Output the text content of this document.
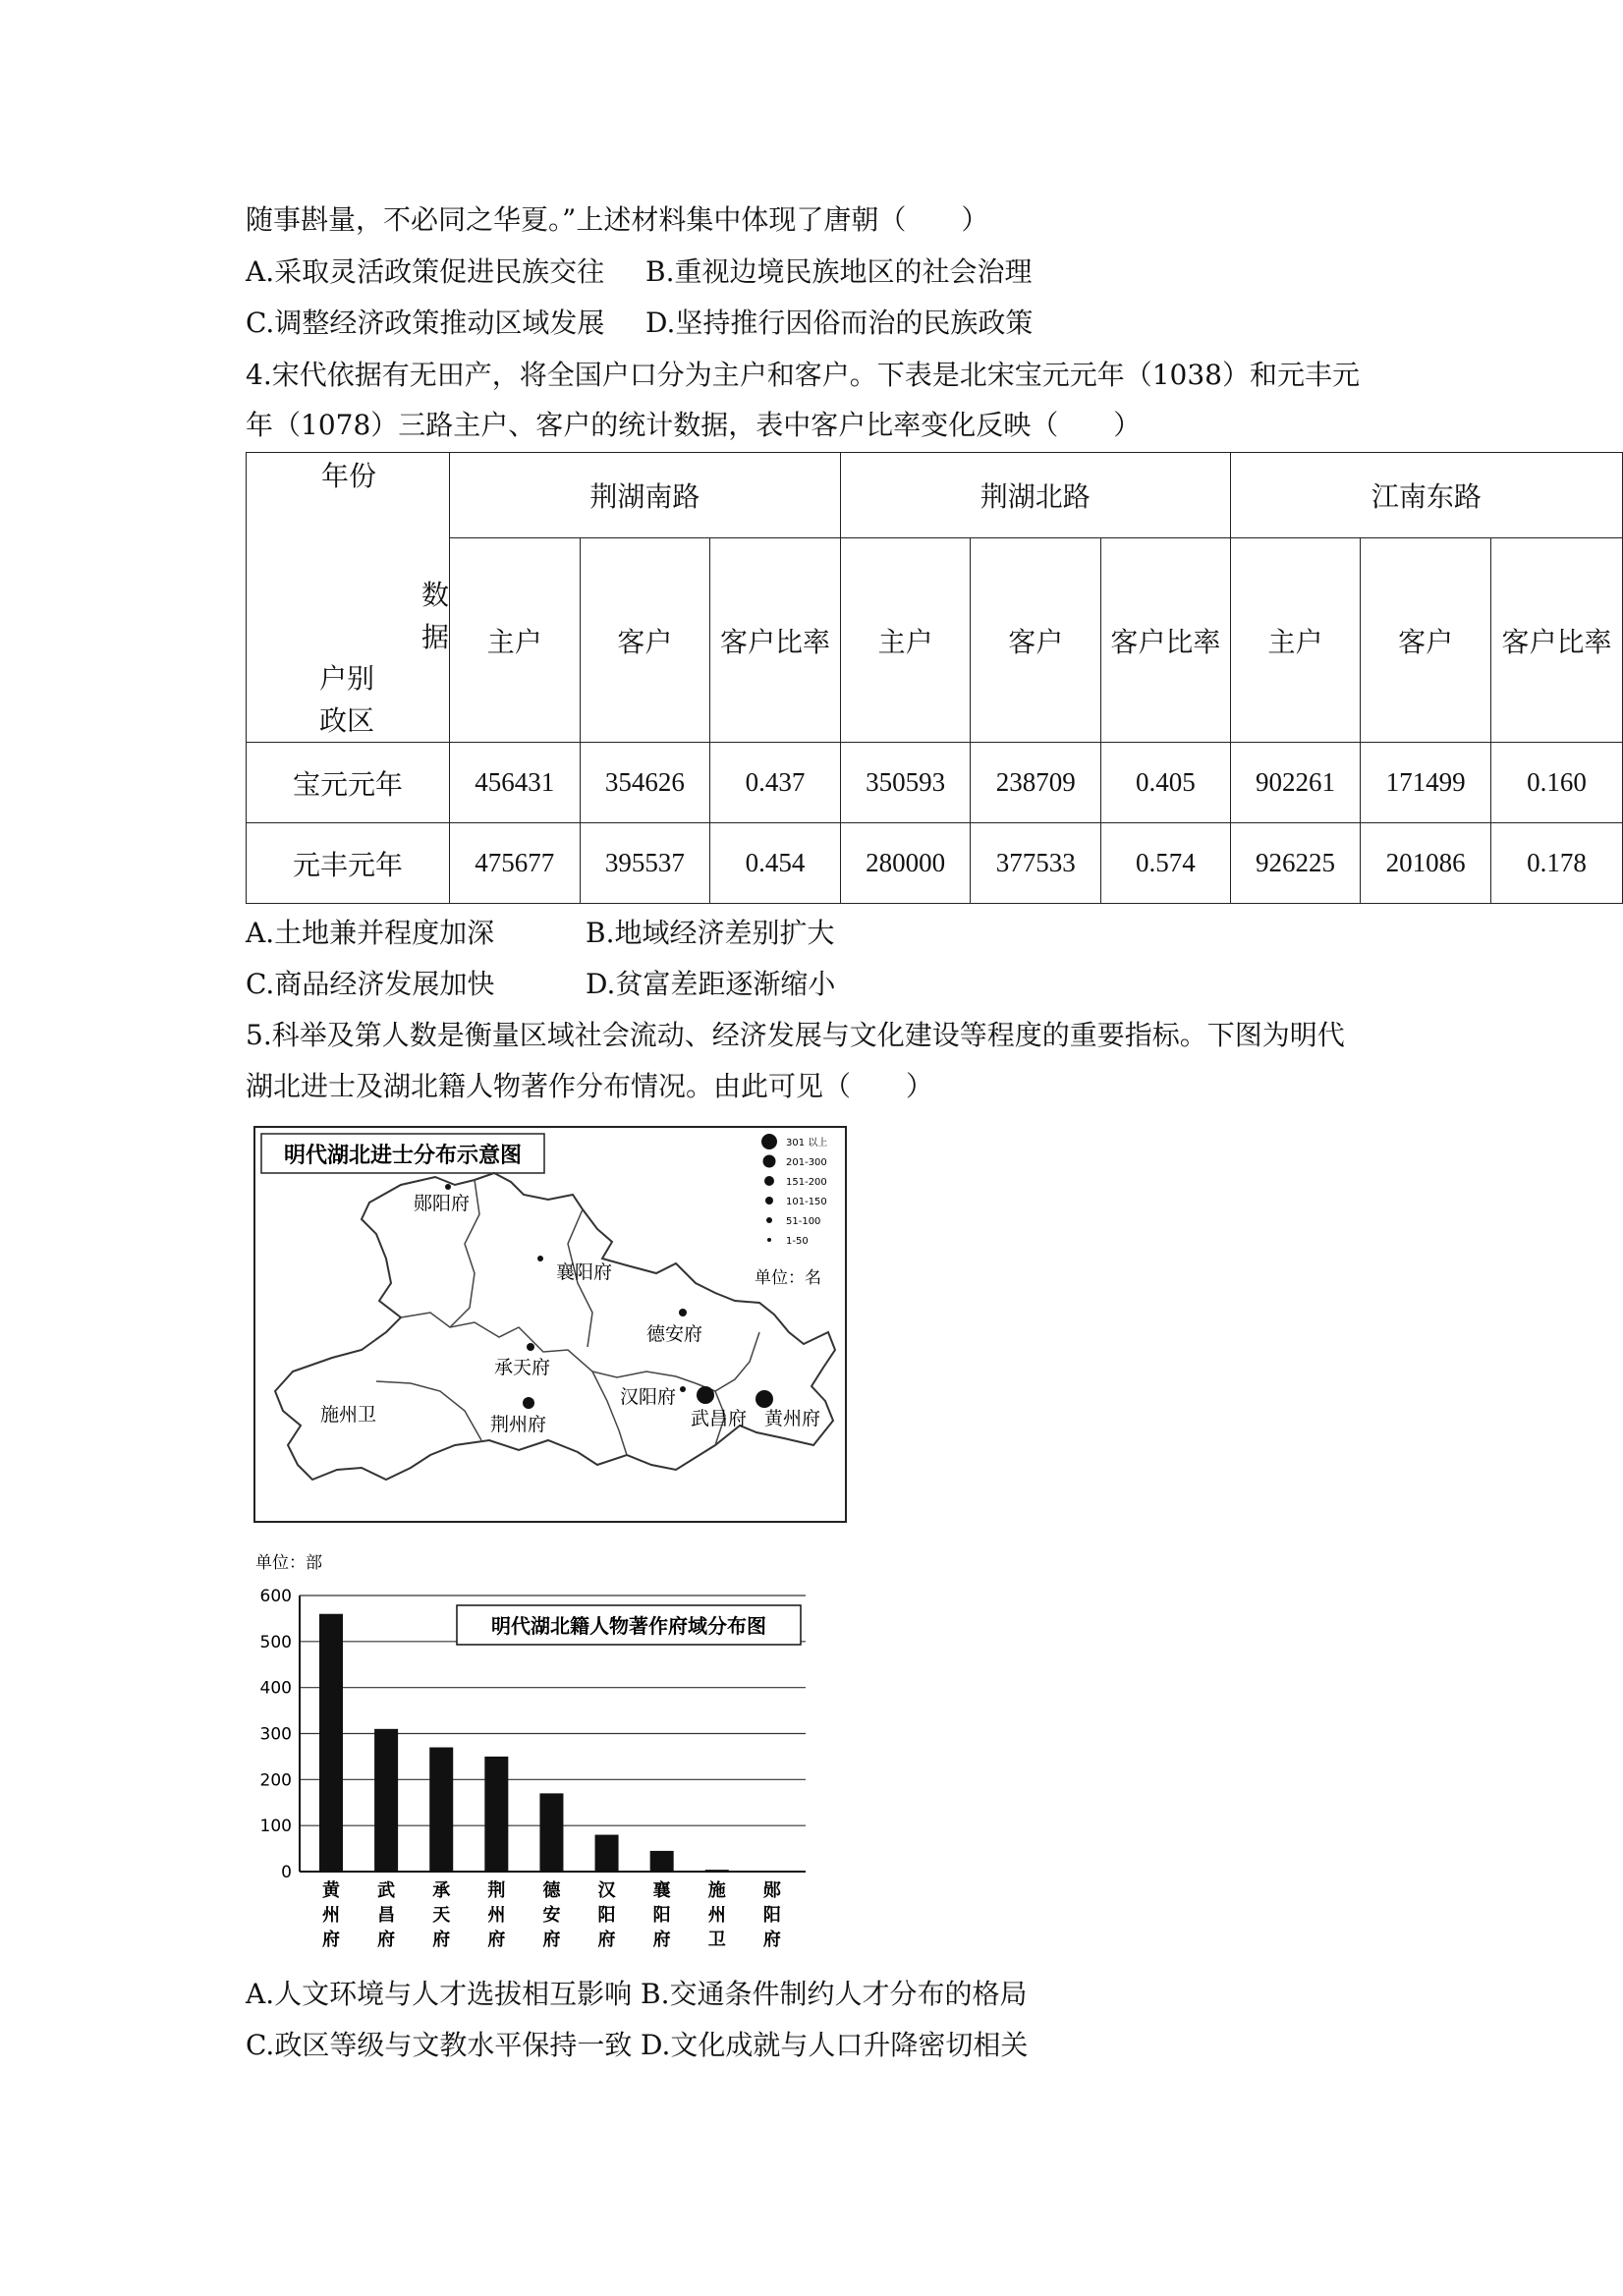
随事斟量，不必同之华夏。”上述材料集中体现了唐朝（　　）
A.采取灵活政策促进民族交往 B.重视边境民族地区的社会治理
C.调整经济政策推动区域发展 D.坚持推行因俗而治的民族政策
4.宋代依据有无田产，将全国户口分为主户和客户。下表是北宋宝元元年（1038）和元丰元
年（1078）三路主户、客户的统计数据，表中客户比率变化反映（　　）
年份
数
据
户别
政区	荆湖南路			荆湖北路			江南东路		
	主户	客户	客户比率	主户	客户	客户比率	主户	客户	客户比率
宝元元年	456431	354626	0.437	350593	238709	0.405	902261	171499	0.160
元丰元年	475677	395537	0.454	280000	377533	0.574	926225	201086	0.178
A.土地兼并程度加深	B.地域经济差别扩大
C.商品经济发展加快	D.贫富差距逐渐缩小
5.科举及第人数是衡量区域社会流动、经济发展与文化建设等程度的重要指标。下图为明代
湖北进士及湖北籍人物著作分布情况。由此可见（　　）
明代湖北进士分布示意图
301 以上
201-300
151-200
101-150
51-100
1-50
单位：名
郧阳府
襄阳府
德安府
承天府
施州卫	荆州府
汉阳府
武昌府 黄州府
单位：部
0
100
200
300
400
500
600
明代湖北籍人物著作府域分布图
黄州府
武昌府
承天府
荆州府
德安府
汉阳府
襄阳府
施州卫
郧阳府
A.人文环境与人才选拔相互影响 B.交通条件制约人才分布的格局
C.政区等级与文教水平保持一致 D.文化成就与人口升降密切相关
